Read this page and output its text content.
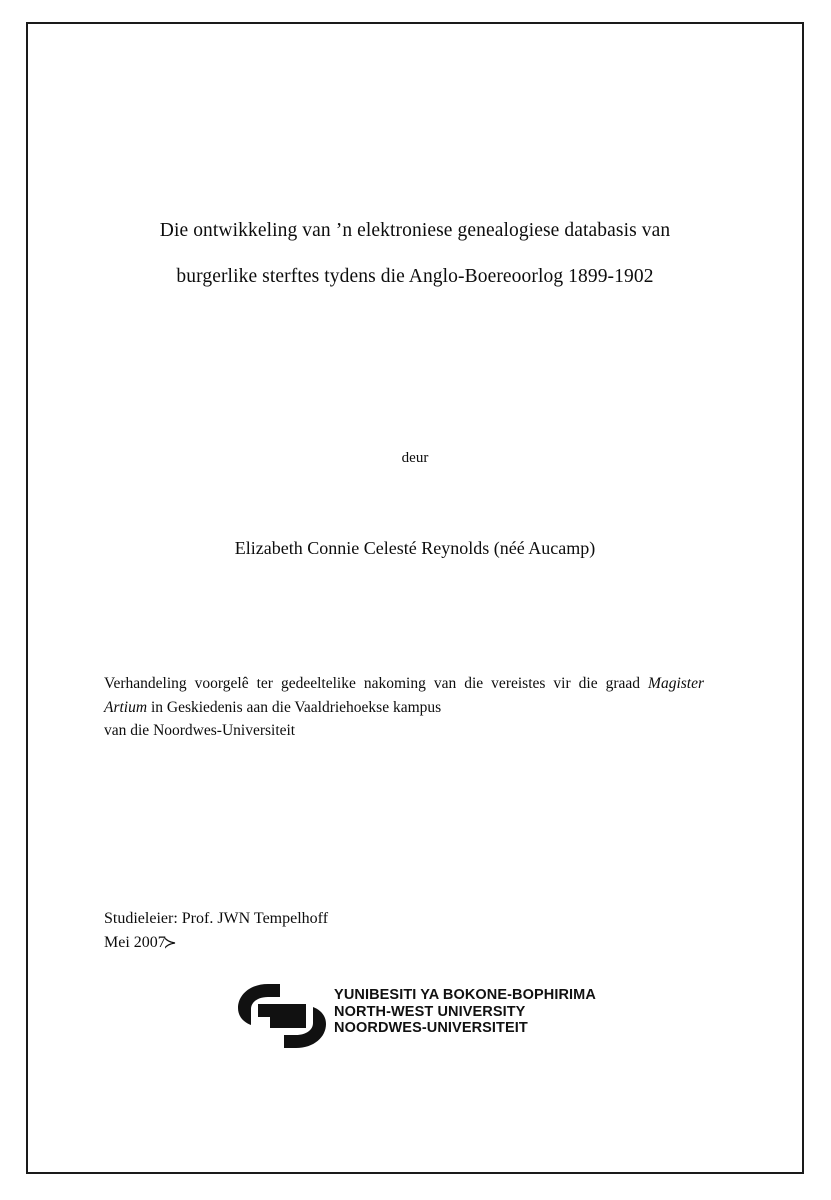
Die ontwikkeling van ’n elektroniese genealogiese databasis van
burgerlike sterftes tydens die Anglo-Boereoorlog 1899-1902
deur
Elizabeth Connie Celesté Reynolds (néé Aucamp)

Verhandeling voorgelê ter gedeeltelike nakoming van die vereistes vir die graad Magister Artium in Geskiedenis aan die Vaaldriehoekse kampus

van die Noordwes-Universiteit

Studieleier: Prof. JWN Tempelhoff
Mei 2007
≻
YUNIBESITI YA BOKONE-BOPHIRIMA
NORTH-WEST UNIVERSITY
NOORDWES-UNIVERSITEIT
